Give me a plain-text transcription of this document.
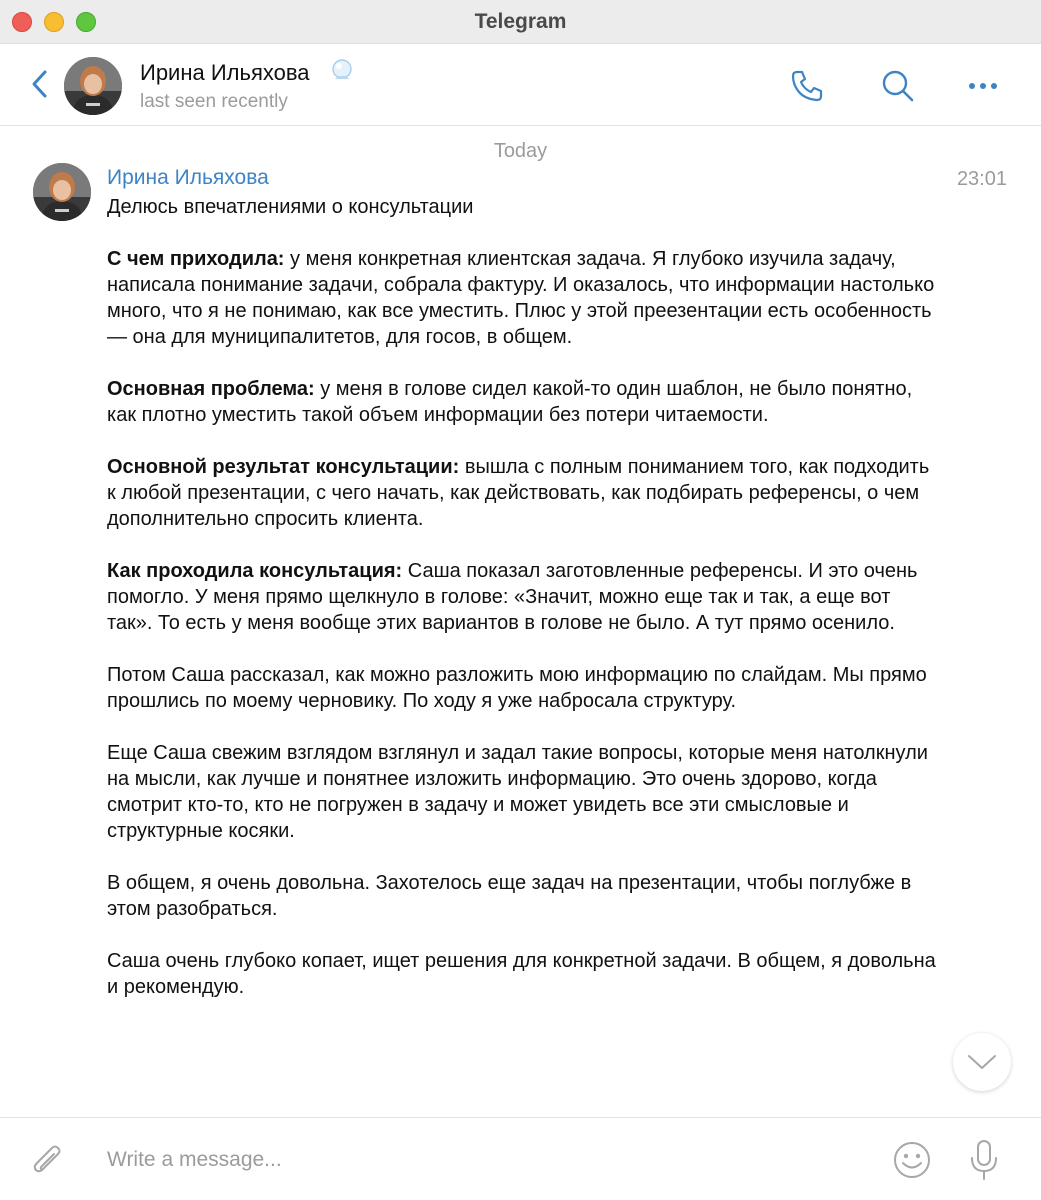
Telegram
Ирина Ильяхова
last seen recently
Today
Ирина Ильяхова	23:01

Делюсь впечатлениями о консультации

С чем приходила: у меня конкретная клиентская задача. Я глубоко изучила задачу, написала понимание задачи, собрала фактуру. И оказалось, что информации настолько много, что я не понимаю, как все уместить. Плюс у этой преезентации есть особенность — она для муниципалитетов, для госов, в общем.

Основная проблема: у меня в голове сидел какой-то один шаблон, не было понятно, как плотно уместить такой объем информации без потери читаемости.

Основной результат консультации: вышла с полным пониманием того, как подходить к любой презентации, с чего начать, как действовать, как подбирать референсы, о чем дополнительно спросить клиента.

Как проходила консультация: Саша показал заготовленные референсы. И это очень помогло. У меня прямо щелкнуло в голове: «Значит, можно еще так и так, а еще вот так». То есть у меня вообще этих вариантов в голове не было. А тут прямо осенило.

Потом Саша рассказал, как можно разложить мою информацию по слайдам. Мы прямо прошлись по моему черновику. По ходу я уже набросала структуру.

Еще Саша свежим взглядом взглянул и задал такие вопросы, которые меня натолкнули на мысли, как лучше и понятнее изложить информацию. Это очень здорово, когда смотрит кто-то, кто не погружен в задачу и может увидеть все эти смысловые и структурные косяки.

В общем, я очень довольна. Захотелось еще задач на презентации, чтобы поглубже в этом разобраться.

Саша очень глубоко копает, ищет решения для конкретной задачи. В общем, я довольна и рекомендую.

Write a message...
